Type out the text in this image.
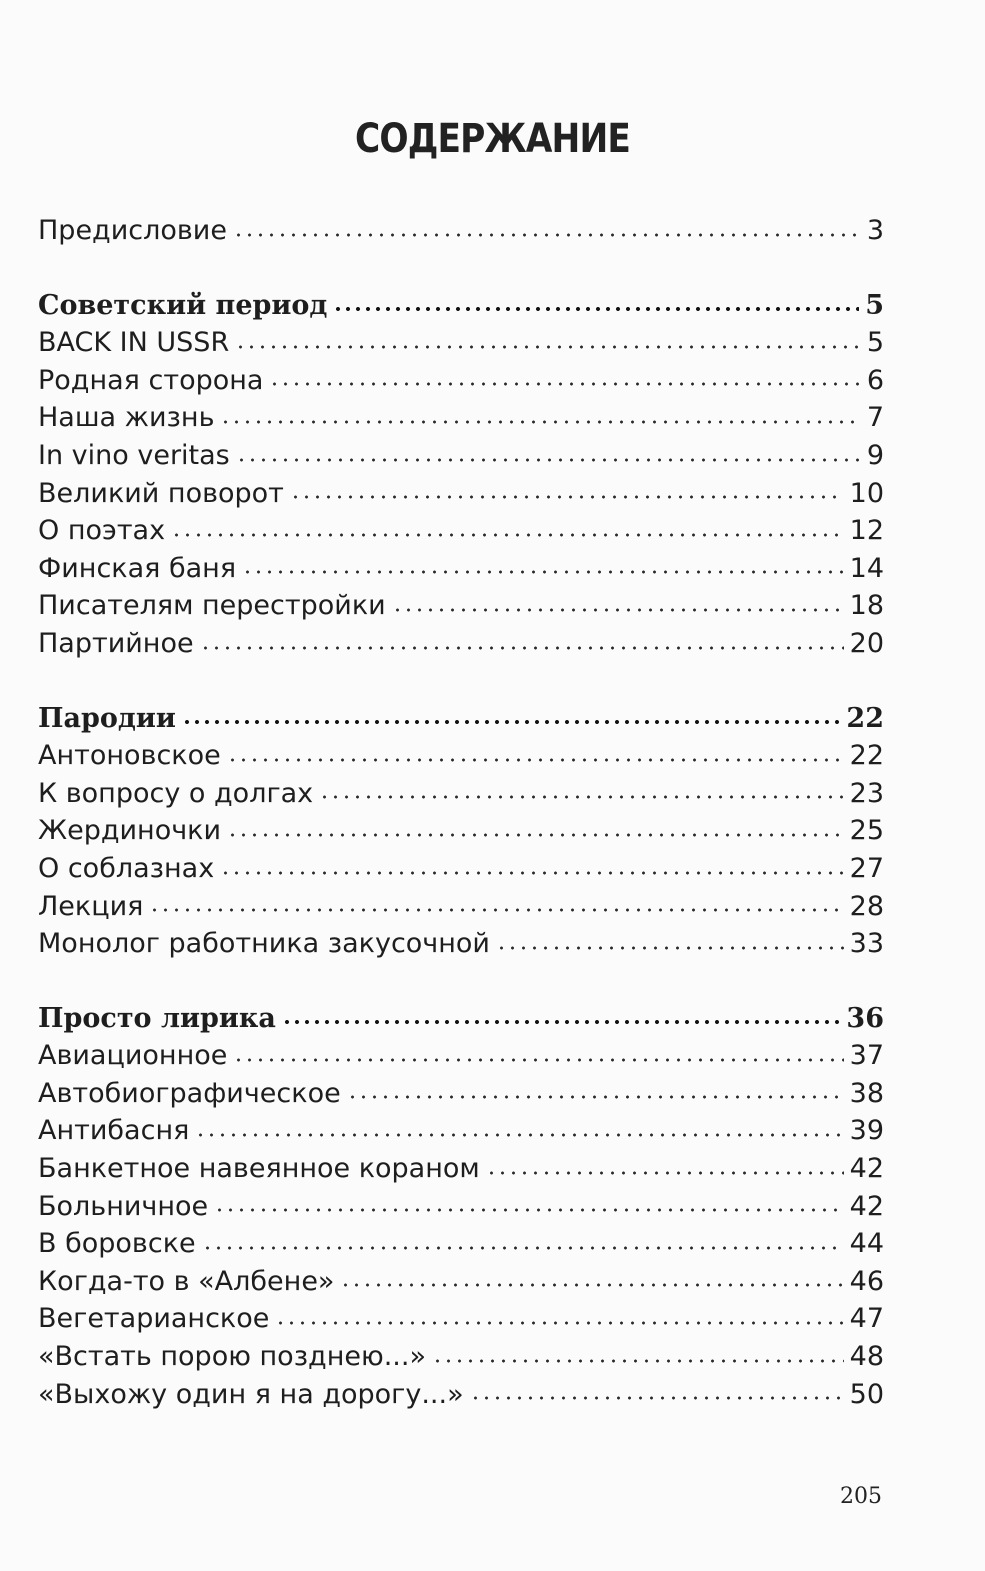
СОДЕРЖАНИЕ
Предисловие	3
Советский период	5
BACK IN USSR	5
Родная сторона	6
Наша жизнь	7
In vino veritas	9
Великий поворот	10
О поэтах	12
Финская баня	14
Писателям перестройки	18
Партийное	20
Пародии	22
Антоновское	22
К вопросу о долгах	23
Жердиночки	25
О соблазнах	27
Лекция	28
Монолог работника закусочной	33
Просто лирика	36
Авиационное	37
Автобиографическое	38
Антибасня	39
Банкетное навеянное кораном	42
Больничное	42
В боровске	44
Когда-то в «Албене»	46
Вегетарианское	47
«Встать порою позднею...»	48
«Выхожу один я на дорогу...»	50
205
